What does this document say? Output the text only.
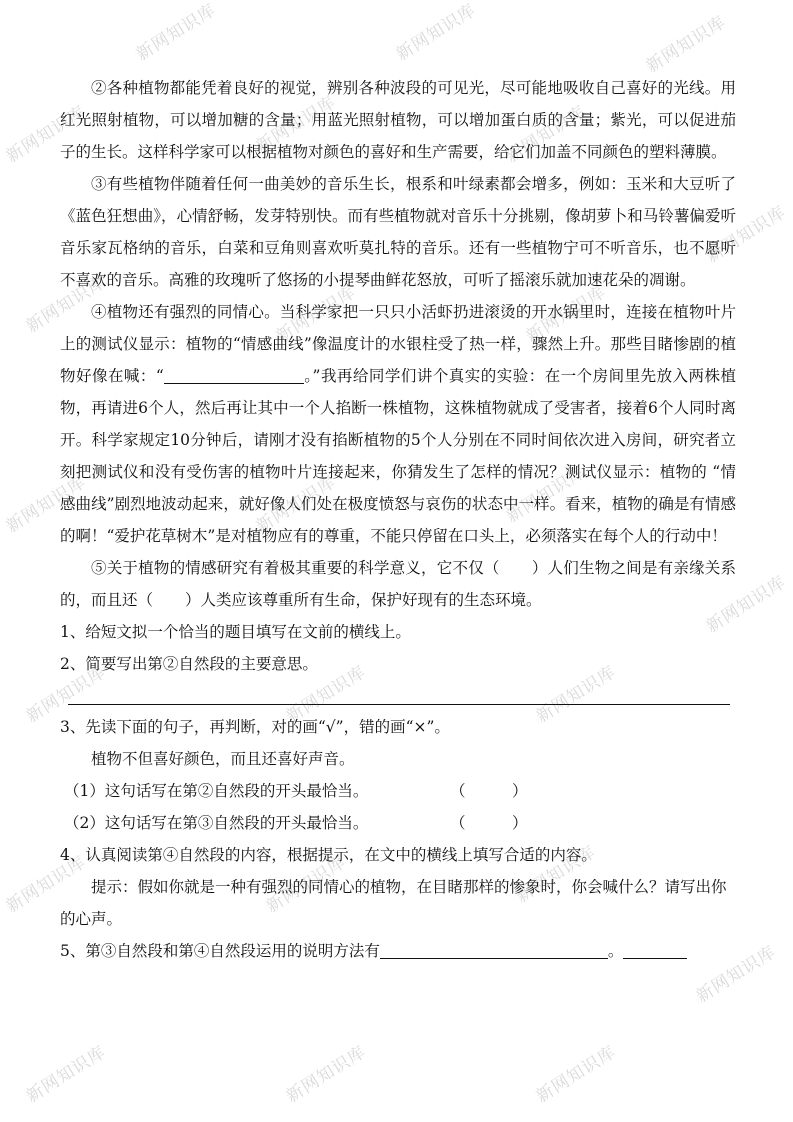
新网知识库	新网知识库	新网知识库
新网知识库	新网知识库	新网知识库
新网知识库
新网知识库	新网知识库	新网知识库
新网知识库	新网知识库	新网知识库
新网知识库
新网知识库	新网知识库	新网知识库
新网知识库	新网知识库	新网知识库
新网知识库
新网知识库	新网知识库	新网知识库

②各种植物都能凭着良好的视觉，辨别各种波段的可见光，尽可能地吸收自己喜好的光线。用红光照射植物，可以增加糖的含量；用蓝光照射植物，可以增加蛋白质的含量；紫光，可以促进茄子的生长。这样科学家可以根据植物对颜色的喜好和生产需要，给它们加盖不同颜色的塑料薄膜。

③有些植物伴随着任何一曲美妙的音乐生长，根系和叶绿素都会增多，例如：玉米和大豆听了《蓝色狂想曲》，心情舒畅，发芽特别快。而有些植物就对音乐十分挑剔，像胡萝卜和马铃薯偏爱听音乐家瓦格纳的音乐，白菜和豆角则喜欢听莫扎特的音乐。还有一些植物宁可不听音乐，也不愿听不喜欢的音乐。高雅的玫瑰听了悠扬的小提琴曲鲜花怒放，可听了摇滚乐就加速花朵的凋谢。

④植物还有强烈的同情心。当科学家把一只只小活虾扔进滚烫的开水锅里时，连接在植物叶片上的测试仪显示：植物的“情感曲线”像温度计的水银柱受了热一样，骤然上升。那些目睹惨剧的植物好像在喊：“	。”我再给同学们讲个真实的实验：在一个房间里先放入两株植物，再请进6个人，然后再让其中一个人掐断一株植物，这株植物就成了受害者，接着6个人同时离开。科学家规定10分钟后，请刚才没有掐断植物的5个人分别在不同时间依次进入房间，研究者立刻把测试仪和没有受伤害的植物叶片连接起来，你猜发生了怎样的情况？测试仪显示：植物的 “情感曲线”剧烈地波动起来，就好像人们处在极度愤怒与哀伤的状态中一样。看来，植物的确是有情感的啊！“爱护花草树木”是对植物应有的尊重，不能只停留在口头上，必须落实在每个人的行动中！

⑤关于植物的情感研究有着极其重要的科学意义，它不仅（ ）人们生物之间是有亲缘关系的，而且还（ ）人类应该尊重所有生命，保护好现有的生态环境。

1、给短文拟一个恰当的题目填写在文前的横线上。

2、简要写出第②自然段的主要意思。

3、先读下面的句子，再判断，对的画“√”，错的画“×”。

植物不但喜好颜色，而且还喜好声音。

（1）这句话写在第②自然段的开头最恰当。	（　　　）

（2）这句话写在第③自然段的开头最恰当。	（　　　）

4、认真阅读第④自然段的内容，根据提示，在文中的横线上填写合适的内容。

提示：假如你就是一种有强烈的同情心的植物，在目睹那样的惨象时，你会喊什么？请写出你的心声。

5、第③自然段和第④自然段运用的说明方法有	。
